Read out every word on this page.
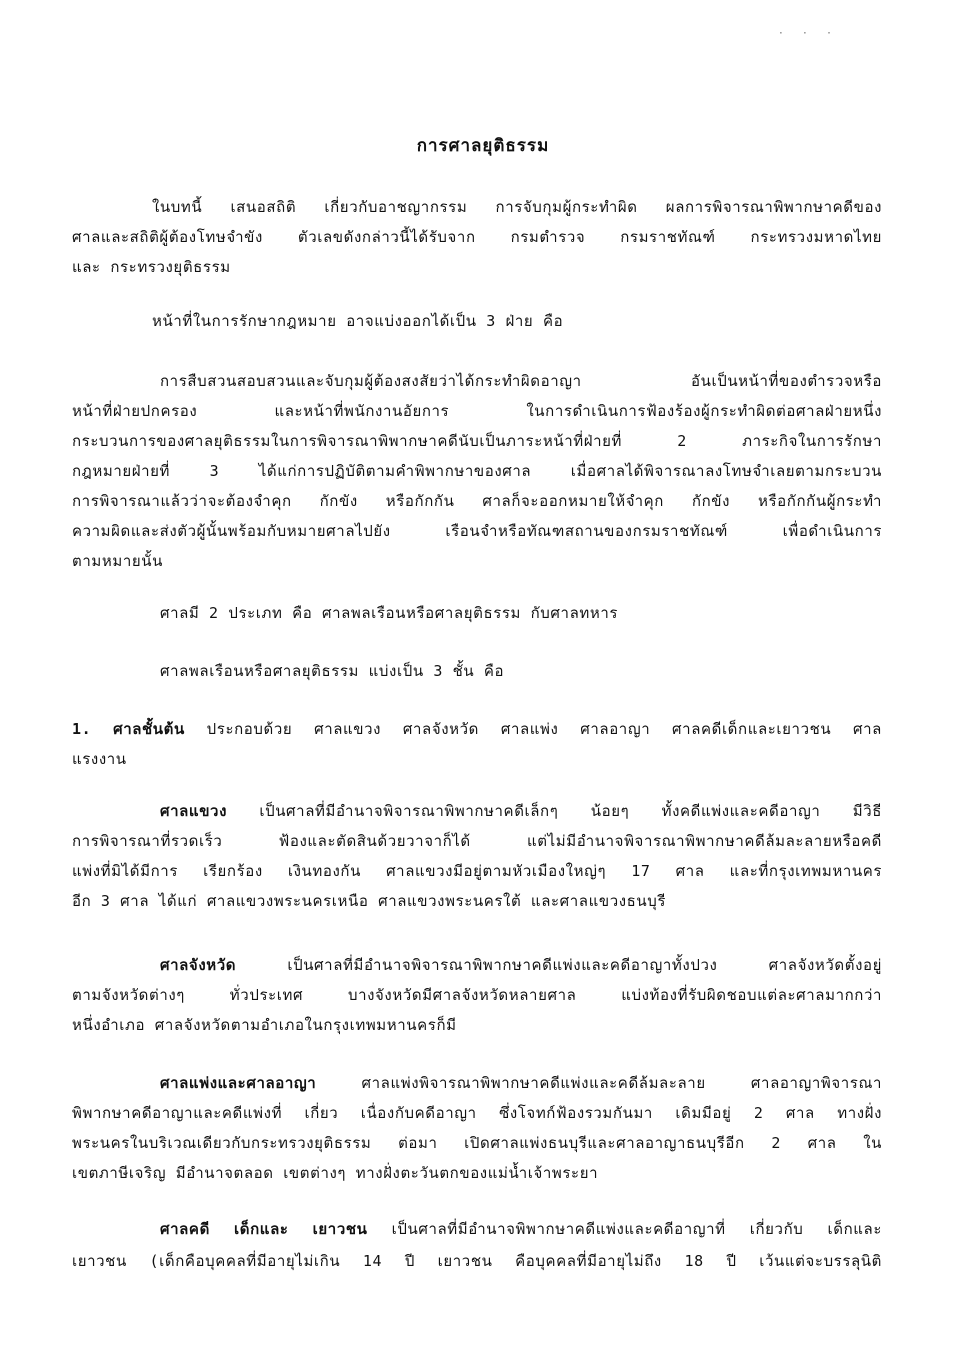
· · ·
การศาลยุติธรรม
ในบทนี้ เสนอสถิติ เกี่ยวกับอาชญากรรม การจับกุมผู้กระทำผิด ผลการพิจารณาพิพากษาคดีของ
ศาลและสถิติผู้ต้องโทษจำขัง ตัวเลขดังกล่าวนี้ได้รับจาก กรมตำรวจ กรมราชทัณฑ์ กระทรวงมหาดไทย
และ กระทรวงยุติธรรม
หน้าที่ในการรักษากฎหมาย อาจแบ่งออกได้เป็น 3 ฝ่าย คือ
การสืบสวนสอบสวนและจับกุมผู้ต้องสงสัยว่าได้กระทำผิดอาญา อันเป็นหน้าที่ของตำรวจหรือ
หน้าที่ฝ่ายปกครอง และหน้าที่พนักงานอัยการ ในการดำเนินการฟ้องร้องผู้กระทำผิดต่อศาลฝ่ายหนึ่ง
กระบวนการของศาลยุติธรรมในการพิจารณาพิพากษาคดีนับเป็นภาระหน้าที่ฝ่ายที่ 2 ภาระกิจในการรักษา
กฎหมายฝ่ายที่ 3 ได้แก่การปฏิบัติตามคำพิพากษาของศาล เมื่อศาลได้พิจารณาลงโทษจำเลยตามกระบวน
การพิจารณาแล้วว่าจะต้องจำคุก กักขัง หรือกักกัน ศาลก็จะออกหมายให้จำคุก กักขัง หรือกักกันผู้กระทำ
ความผิดและส่งตัวผู้นั้นพร้อมกับหมายศาลไปยัง เรือนจำหรือทัณฑสถานของกรมราชทัณฑ์ เพื่อดำเนินการ
ตามหมายนั้น
ศาลมี 2 ประเภท คือ ศาลพลเรือนหรือศาลยุติธรรม กับศาลทหาร
ศาลพลเรือนหรือศาลยุติธรรม แบ่งเป็น 3 ชั้น คือ
1. ศาลชั้นต้น ประกอบด้วย ศาลแขวง ศาลจังหวัด ศาลแพ่ง ศาลอาญา ศาลคดีเด็กและเยาวชน ศาล
แรงงาน
ศาลแขวง เป็นศาลที่มีอำนาจพิจารณาพิพากษาคดีเล็กๆ น้อยๆ ทั้งคดีแพ่งและคดีอาญา มีวิธี
การพิจารณาที่รวดเร็ว ฟ้องและตัดสินด้วยวาจาก็ได้ แต่ไม่มีอำนาจพิจารณาพิพากษาคดีล้มละลายหรือคดี
แพ่งที่มิได้มีการ เรียกร้อง เงินทองกัน ศาลแขวงมีอยู่ตามหัวเมืองใหญ่ๆ 17 ศาล และที่กรุงเทพมหานคร
อีก 3 ศาล ได้แก่ ศาลแขวงพระนครเหนือ ศาลแขวงพระนครใต้ และศาลแขวงธนบุรี
ศาลจังหวัด	เป็นศาลที่มีอำนาจพิจารณาพิพากษาคดีแพ่งและคดีอาญาทั้งปวง ศาลจังหวัดตั้งอยู่
ตามจังหวัดต่างๆ ทั่วประเทศ บางจังหวัดมีศาลจังหวัดหลายศาล แบ่งท้องที่รับผิดชอบแต่ละศาลมากกว่า
หนึ่งอำเภอ ศาลจังหวัดตามอำเภอในกรุงเทพมหานครก็มี
ศาลแพ่งและศาลอาญา	ศาลแพ่งพิจารณาพิพากษาคดีแพ่งและคดีล้มละลาย ศาลอาญาพิจารณา
พิพากษาคดีอาญาและคดีแพ่งที่ เกี่ยว เนื่องกับคดีอาญา ซึ่งโจทก์ฟ้องรวมกันมา เดิมมีอยู่ 2 ศาล ทางฝั่ง
พระนครในบริเวณเดียวกับกระทรวงยุติธรรม ต่อมา เปิดศาลแพ่งธนบุรีและศาลอาญาธนบุรีอีก 2 ศาล ใน
เขตภาษีเจริญ มีอำนาจตลอด เขตต่างๆ ทางฝั่งตะวันตกของแม่น้ำเจ้าพระยา
ศาลคดี เด็กและ เยาวชน เป็นศาลที่มีอำนาจพิพากษาคดีแพ่งและคดีอาญาที่ เกี่ยวกับ เด็กและ
เยาวชน (เด็กคือบุคคลที่มีอายุไม่เกิน 14 ปี เยาวชน คือบุคคลที่มีอายุไม่ถึง 18 ปี เว้นแต่จะบรรลุนิติ
